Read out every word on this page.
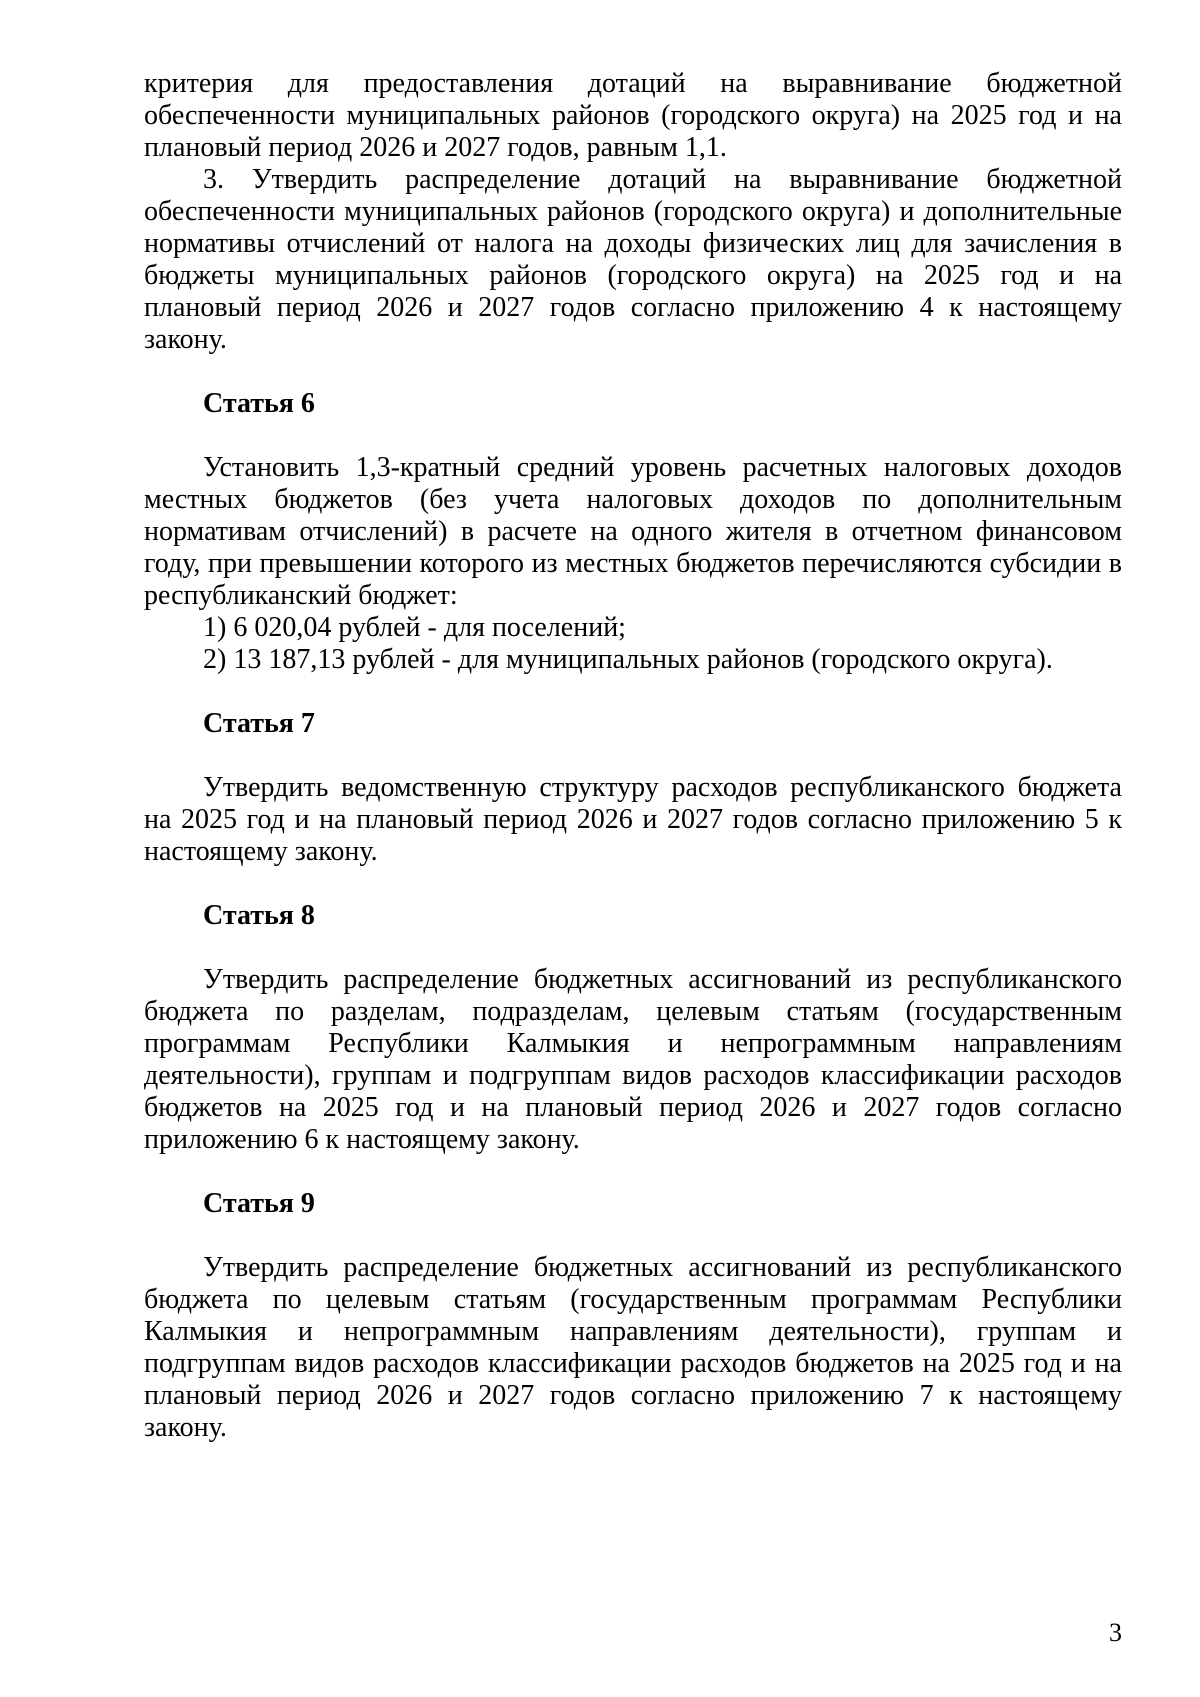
критерия для предоставления дотаций на выравнивание бюджетной обеспеченности муниципальных районов (городского округа) на 2025 год и на плановый период 2026 и 2027 годов, равным 1,1.

3. Утвердить распределение дотаций на выравнивание бюджетной обеспеченности муниципальных районов (городского округа) и дополнительные нормативы отчислений от налога на доходы физических лиц для зачисления в бюджеты муниципальных районов (городского округа) на 2025 год и на плановый период 2026 и 2027 годов согласно приложению 4 к настоящему закону.

Статья 6

Установить 1,3-кратный средний уровень расчетных налоговых доходов местных бюджетов (без учета налоговых доходов по дополнительным нормативам отчислений) в расчете на одного жителя в отчетном финансовом году, при превышении которого из местных бюджетов перечисляются субсидии в республиканский бюджет:

1) 6 020,04 рублей - для поселений;

2) 13 187,13 рублей - для муниципальных районов (городского округа).

Статья 7

Утвердить ведомственную структуру расходов республиканского бюджета на 2025 год и на плановый период 2026 и 2027 годов согласно приложению 5 к настоящему закону.

Статья 8

Утвердить распределение бюджетных ассигнований из республиканского бюджета по разделам, подразделам, целевым статьям (государственным программам Республики Калмыкия и непрограммным направлениям деятельности), группам и подгруппам видов расходов классификации расходов бюджетов на 2025 год и на плановый период 2026 и 2027 годов согласно приложению 6 к настоящему закону.

Статья 9

Утвердить распределение бюджетных ассигнований из республиканского бюджета по целевым статьям (государственным программам Республики Калмыкия и непрограммным направлениям деятельности), группам и подгруппам видов расходов классификации расходов бюджетов на 2025 год и на плановый период 2026 и 2027 годов согласно приложению 7 к настоящему закону.

3
